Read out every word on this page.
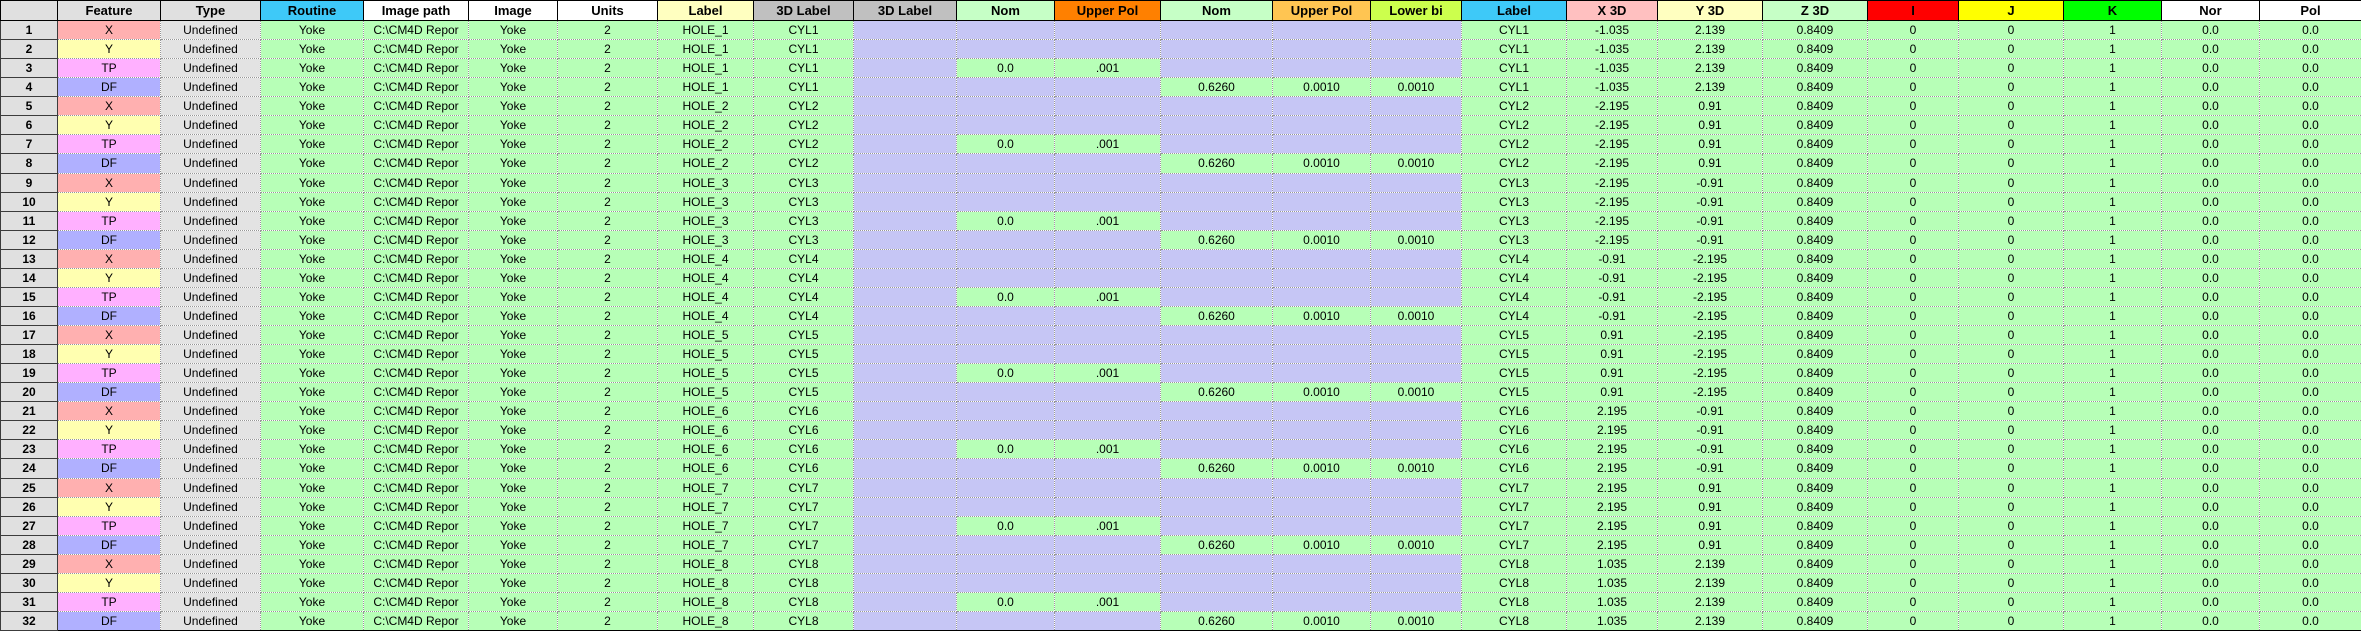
	Feature	Type	Routine	Image path	Image	Units	Label	3D Label	3D Label	Nom	Upper Pol	Nom	Upper Pol	Lower bi	Label	X 3D	Y 3D	Z 3D	I	J	K	Nor	Pol
1	X	Undefined	Yoke	C:\CM4D Repor	Yoke	2	HOLE_1	CYL1							CYL1	-1.035	2.139	0.8409	0	0	1	0.0	0.0
2	Y	Undefined	Yoke	C:\CM4D Repor	Yoke	2	HOLE_1	CYL1							CYL1	-1.035	2.139	0.8409	0	0	1	0.0	0.0
3	TP	Undefined	Yoke	C:\CM4D Repor	Yoke	2	HOLE_1	CYL1		0.0	.001				CYL1	-1.035	2.139	0.8409	0	0	1	0.0	0.0
4	DF	Undefined	Yoke	C:\CM4D Repor	Yoke	2	HOLE_1	CYL1				0.6260	0.0010	0.0010	CYL1	-1.035	2.139	0.8409	0	0	1	0.0	0.0
5	X	Undefined	Yoke	C:\CM4D Repor	Yoke	2	HOLE_2	CYL2							CYL2	-2.195	0.91	0.8409	0	0	1	0.0	0.0
6	Y	Undefined	Yoke	C:\CM4D Repor	Yoke	2	HOLE_2	CYL2							CYL2	-2.195	0.91	0.8409	0	0	1	0.0	0.0
7	TP	Undefined	Yoke	C:\CM4D Repor	Yoke	2	HOLE_2	CYL2		0.0	.001				CYL2	-2.195	0.91	0.8409	0	0	1	0.0	0.0
8	DF	Undefined	Yoke	C:\CM4D Repor	Yoke	2	HOLE_2	CYL2				0.6260	0.0010	0.0010	CYL2	-2.195	0.91	0.8409	0	0	1	0.0	0.0
9	X	Undefined	Yoke	C:\CM4D Repor	Yoke	2	HOLE_3	CYL3							CYL3	-2.195	-0.91	0.8409	0	0	1	0.0	0.0
10	Y	Undefined	Yoke	C:\CM4D Repor	Yoke	2	HOLE_3	CYL3							CYL3	-2.195	-0.91	0.8409	0	0	1	0.0	0.0
11	TP	Undefined	Yoke	C:\CM4D Repor	Yoke	2	HOLE_3	CYL3		0.0	.001				CYL3	-2.195	-0.91	0.8409	0	0	1	0.0	0.0
12	DF	Undefined	Yoke	C:\CM4D Repor	Yoke	2	HOLE_3	CYL3				0.6260	0.0010	0.0010	CYL3	-2.195	-0.91	0.8409	0	0	1	0.0	0.0
13	X	Undefined	Yoke	C:\CM4D Repor	Yoke	2	HOLE_4	CYL4							CYL4	-0.91	-2.195	0.8409	0	0	1	0.0	0.0
14	Y	Undefined	Yoke	C:\CM4D Repor	Yoke	2	HOLE_4	CYL4							CYL4	-0.91	-2.195	0.8409	0	0	1	0.0	0.0
15	TP	Undefined	Yoke	C:\CM4D Repor	Yoke	2	HOLE_4	CYL4		0.0	.001				CYL4	-0.91	-2.195	0.8409	0	0	1	0.0	0.0
16	DF	Undefined	Yoke	C:\CM4D Repor	Yoke	2	HOLE_4	CYL4				0.6260	0.0010	0.0010	CYL4	-0.91	-2.195	0.8409	0	0	1	0.0	0.0
17	X	Undefined	Yoke	C:\CM4D Repor	Yoke	2	HOLE_5	CYL5							CYL5	0.91	-2.195	0.8409	0	0	1	0.0	0.0
18	Y	Undefined	Yoke	C:\CM4D Repor	Yoke	2	HOLE_5	CYL5							CYL5	0.91	-2.195	0.8409	0	0	1	0.0	0.0
19	TP	Undefined	Yoke	C:\CM4D Repor	Yoke	2	HOLE_5	CYL5		0.0	.001				CYL5	0.91	-2.195	0.8409	0	0	1	0.0	0.0
20	DF	Undefined	Yoke	C:\CM4D Repor	Yoke	2	HOLE_5	CYL5				0.6260	0.0010	0.0010	CYL5	0.91	-2.195	0.8409	0	0	1	0.0	0.0
21	X	Undefined	Yoke	C:\CM4D Repor	Yoke	2	HOLE_6	CYL6							CYL6	2.195	-0.91	0.8409	0	0	1	0.0	0.0
22	Y	Undefined	Yoke	C:\CM4D Repor	Yoke	2	HOLE_6	CYL6							CYL6	2.195	-0.91	0.8409	0	0	1	0.0	0.0
23	TP	Undefined	Yoke	C:\CM4D Repor	Yoke	2	HOLE_6	CYL6		0.0	.001				CYL6	2.195	-0.91	0.8409	0	0	1	0.0	0.0
24	DF	Undefined	Yoke	C:\CM4D Repor	Yoke	2	HOLE_6	CYL6				0.6260	0.0010	0.0010	CYL6	2.195	-0.91	0.8409	0	0	1	0.0	0.0
25	X	Undefined	Yoke	C:\CM4D Repor	Yoke	2	HOLE_7	CYL7							CYL7	2.195	0.91	0.8409	0	0	1	0.0	0.0
26	Y	Undefined	Yoke	C:\CM4D Repor	Yoke	2	HOLE_7	CYL7							CYL7	2.195	0.91	0.8409	0	0	1	0.0	0.0
27	TP	Undefined	Yoke	C:\CM4D Repor	Yoke	2	HOLE_7	CYL7		0.0	.001				CYL7	2.195	0.91	0.8409	0	0	1	0.0	0.0
28	DF	Undefined	Yoke	C:\CM4D Repor	Yoke	2	HOLE_7	CYL7				0.6260	0.0010	0.0010	CYL7	2.195	0.91	0.8409	0	0	1	0.0	0.0
29	X	Undefined	Yoke	C:\CM4D Repor	Yoke	2	HOLE_8	CYL8							CYL8	1.035	2.139	0.8409	0	0	1	0.0	0.0
30	Y	Undefined	Yoke	C:\CM4D Repor	Yoke	2	HOLE_8	CYL8							CYL8	1.035	2.139	0.8409	0	0	1	0.0	0.0
31	TP	Undefined	Yoke	C:\CM4D Repor	Yoke	2	HOLE_8	CYL8		0.0	.001				CYL8	1.035	2.139	0.8409	0	0	1	0.0	0.0
32	DF	Undefined	Yoke	C:\CM4D Repor	Yoke	2	HOLE_8	CYL8				0.6260	0.0010	0.0010	CYL8	1.035	2.139	0.8409	0	0	1	0.0	0.0
